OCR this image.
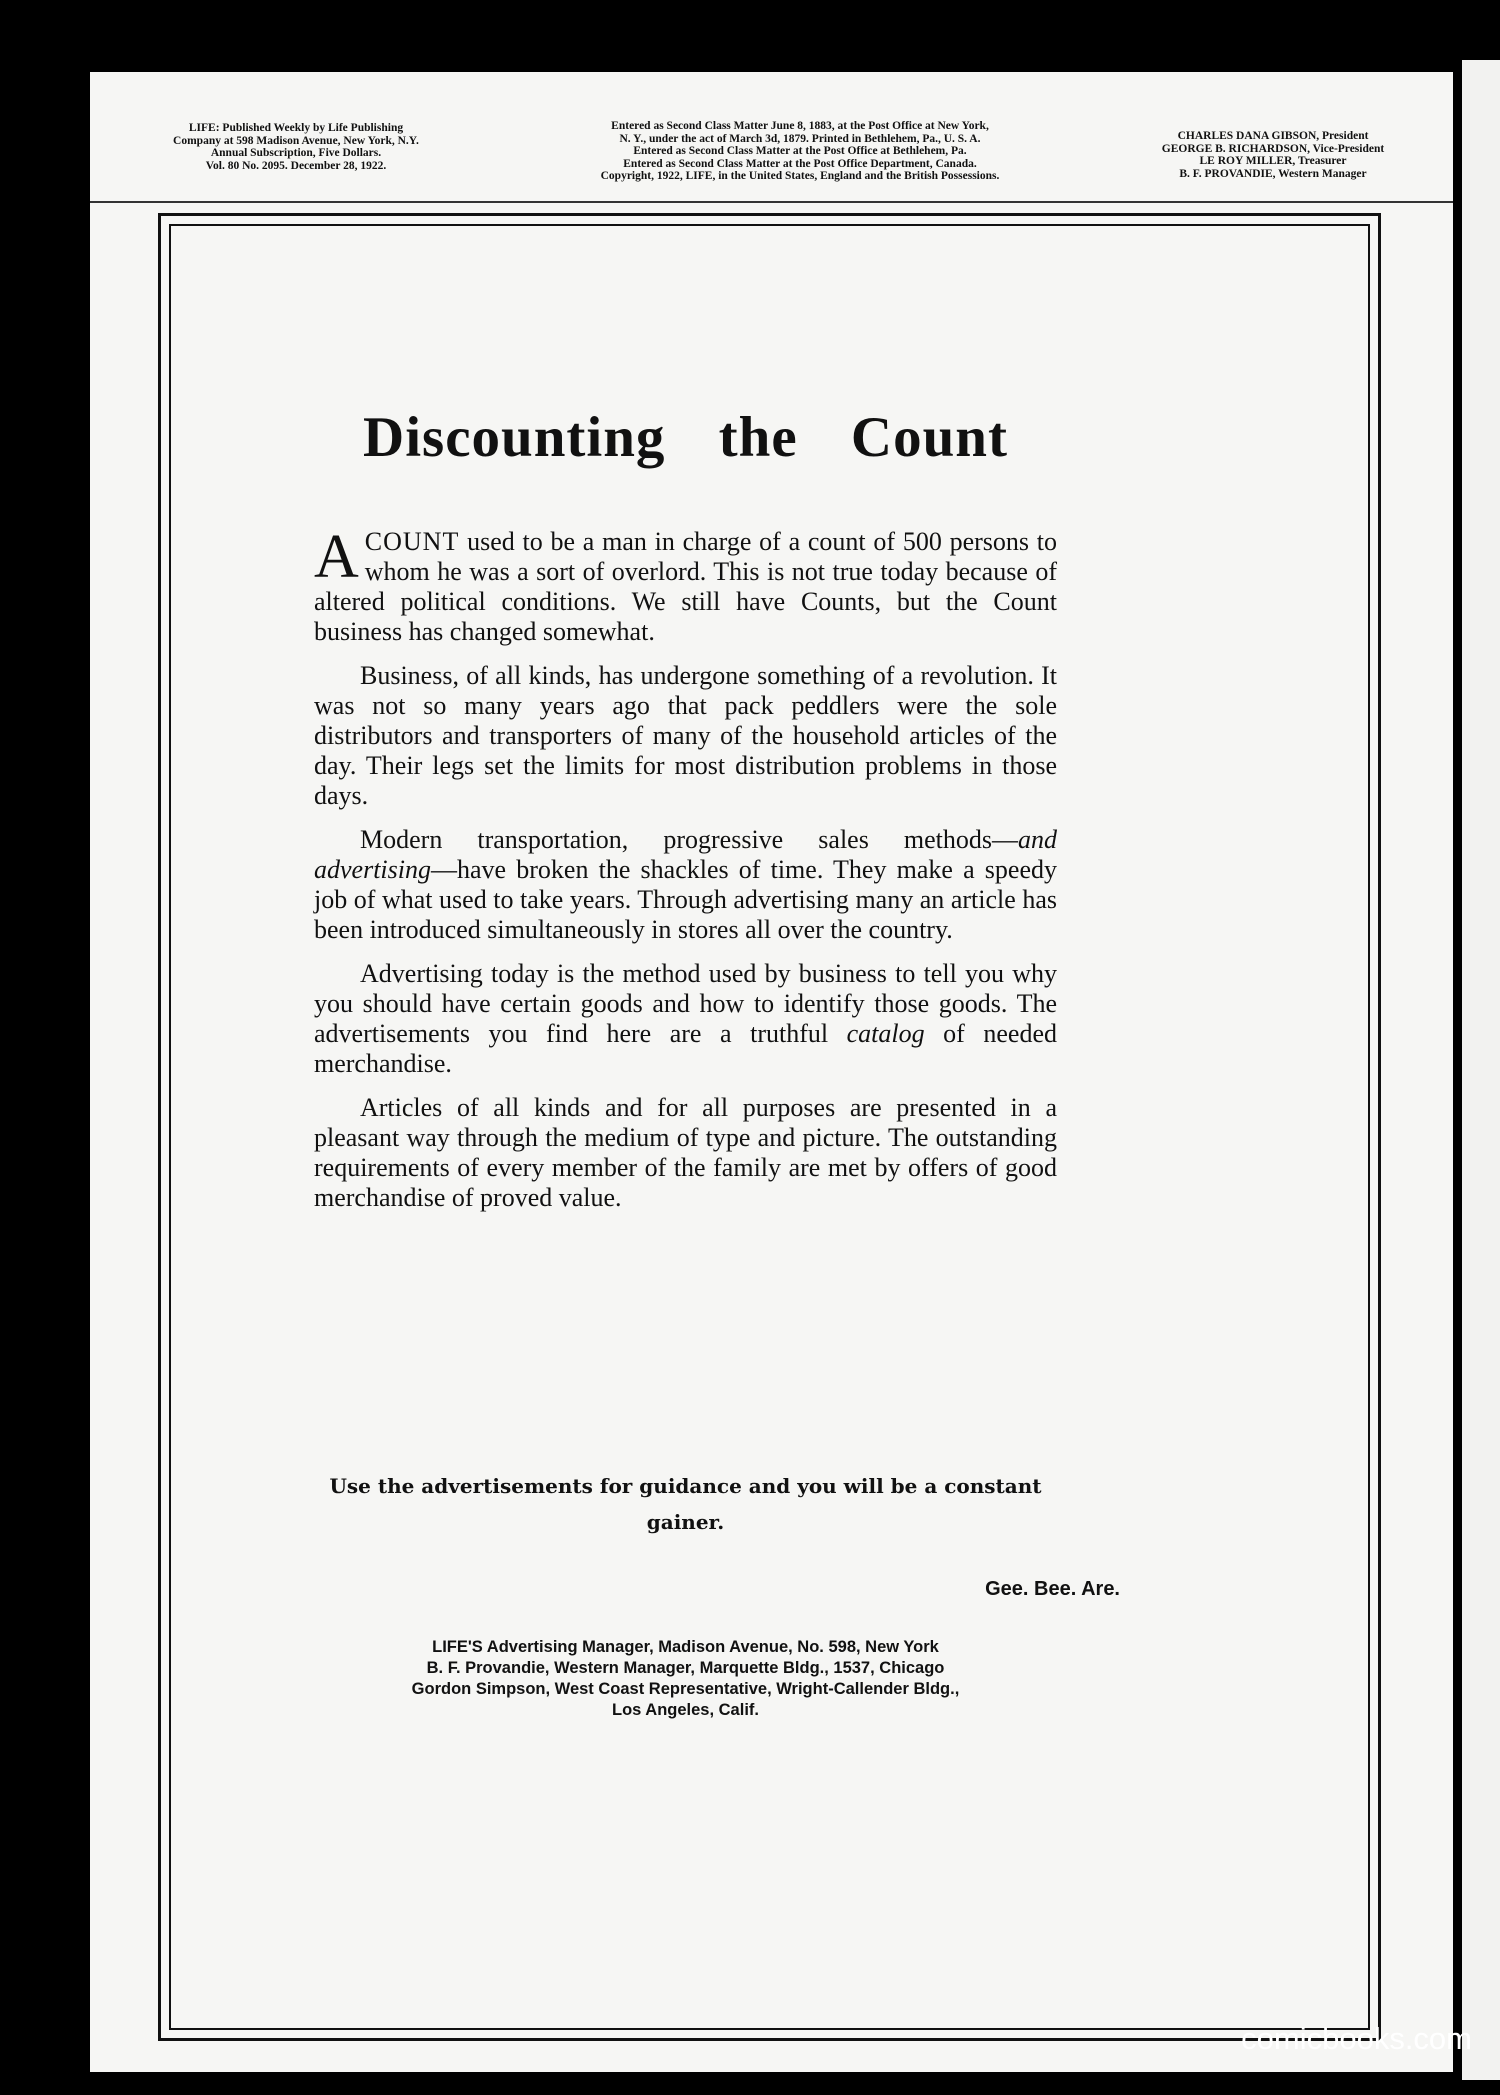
LIFE: Published Weekly by Life Publishing
Company at 598 Madison Avenue, New York, N.Y.
Annual Subscription, Five Dollars.
Vol. 80 No. 2095. December 28, 1922.
Entered as Second Class Matter June 8, 1883, at the Post Office at New York,
N. Y., under the act of March 3d, 1879. Printed in Bethlehem, Pa., U. S. A.
Entered as Second Class Matter at the Post Office at Bethlehem, Pa.
Entered as Second Class Matter at the Post Office Department, Canada.
Copyright, 1922, LIFE, in the United States, England and the British Possessions.
CHARLES DANA GIBSON, President
GEORGE B. RICHARDSON, Vice-President
LE ROY MILLER, Treasurer
B. F. PROVANDIE, Western Manager
Discounting the Count

ACOUNT used to be a man in charge of a count of 500 persons to whom he was a sort of overlord. This is not true today because of altered political conditions. We still have Counts, but the Count business has changed somewhat.

Business, of all kinds, has undergone something of a revolution. It was not so many years ago that pack peddlers were the sole distributors and transporters of many of the household articles of the day. Their legs set the limits for most distribution problems in those days.

Modern transportation, progressive sales methods—and advertising—have broken the shackles of time. They make a speedy job of what used to take years. Through advertising many an article has been introduced simultaneously in stores all over the country.

Advertising today is the method used by business to tell you why you should have certain goods and how to identify those goods. The advertisements you find here are a truthful catalog of needed merchandise.

Articles of all kinds and for all purposes are presented in a pleasant way through the medium of type and picture. The outstanding requirements of every member of the family are met by offers of good merchandise of proved value.

Use the advertisements for guidance and you will be a constant gainer.
Gee. Bee. Are.
LIFE'S Advertising Manager, Madison Avenue, No. 598, New York
B. F. Provandie, Western Manager, Marquette Bldg., 1537, Chicago
Gordon Simpson, West Coast Representative, Wright-Callender Bldg.,
Los Angeles, Calif.
comicbooks.com
